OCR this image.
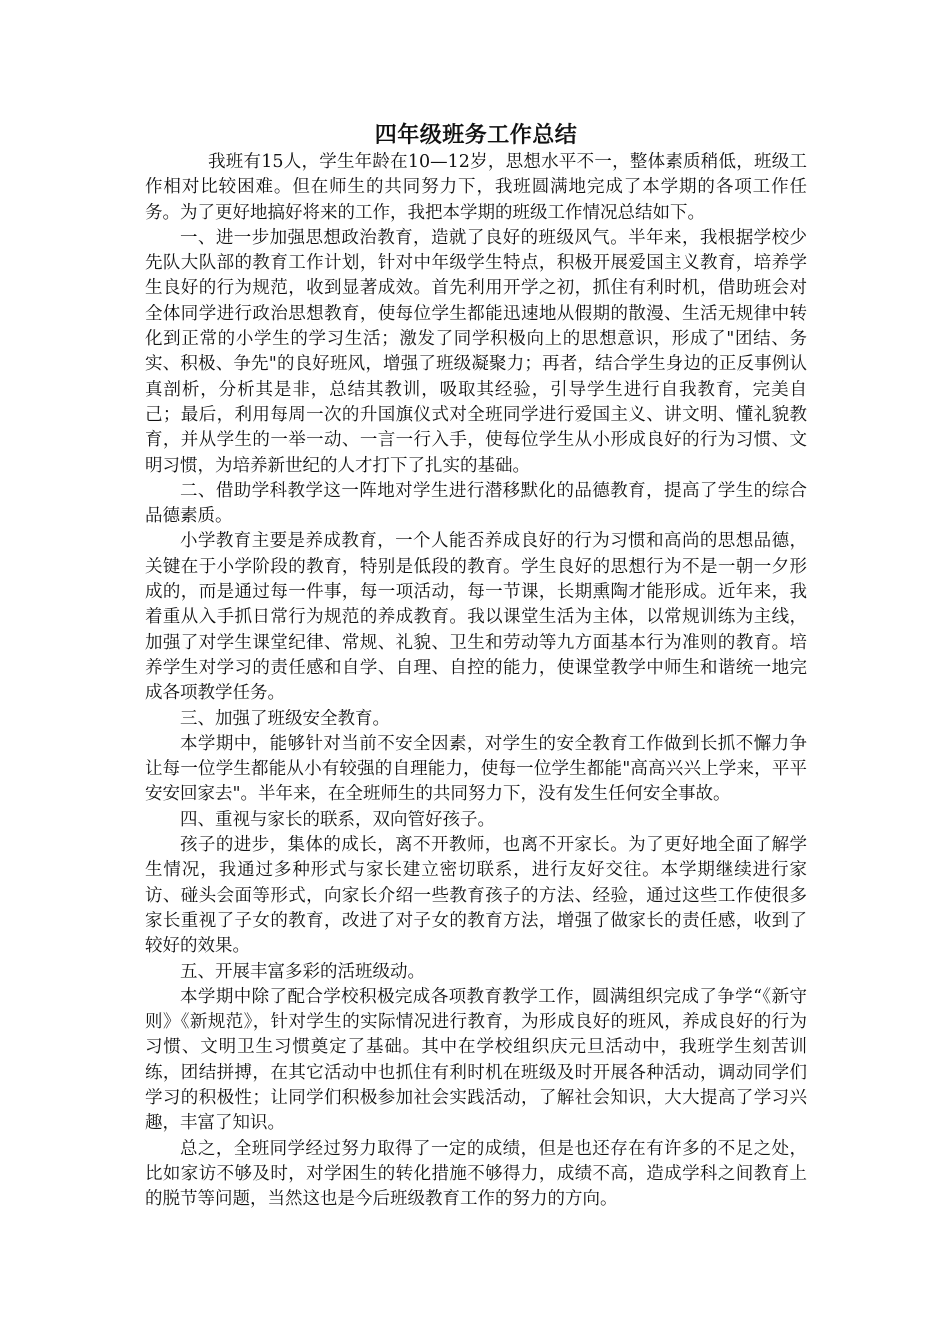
四年级班务工作总结

我班有15人，学生年龄在10—12岁，思想水平不一，整体素质稍低，班级工作相对比较困难。但在师生的共同努力下，我班圆满地完成了本学期的各项工作任务。为了更好地搞好将来的工作，我把本学期的班级工作情况总结如下。

一、进一步加强思想政治教育，造就了良好的班级风气。半年来，我根据学校少先队大队部的教育工作计划，针对中年级学生特点，积极开展爱国主义教育，培养学生良好的行为规范，收到显著成效。首先利用开学之初，抓住有利时机，借助班会对全体同学进行政治思想教育，使每位学生都能迅速地从假期的散漫、生活无规律中转化到正常的小学生的学习生活；激发了同学积极向上的思想意识，形成了"团结、务实、积极、争先"的良好班风，增强了班级凝聚力；再者，结合学生身边的正反事例认真剖析，分析其是非，总结其教训，吸取其经验，引导学生进行自我教育，完美自己；最后，利用每周一次的升国旗仪式对全班同学进行爱国主义、讲文明、懂礼貌教育，并从学生的一举一动、一言一行入手，使每位学生从小形成良好的行为习惯、文明习惯，为培养新世纪的人才打下了扎实的基础。

二、借助学科教学这一阵地对学生进行潜移默化的品德教育，提高了学生的综合品德素质。

小学教育主要是养成教育，一个人能否养成良好的行为习惯和高尚的思想品德，关键在于小学阶段的教育，特别是低段的教育。学生良好的思想行为不是一朝一夕形成的，而是通过每一件事，每一项活动，每一节课，长期熏陶才能形成。近年来，我着重从入手抓日常行为规范的养成教育。我以课堂生活为主体，以常规训练为主线，加强了对学生课堂纪律、常规、礼貌、卫生和劳动等九方面基本行为准则的教育。培养学生对学习的责任感和自学、自理、自控的能力，使课堂教学中师生和谐统一地完成各项教学任务。

三、加强了班级安全教育。

本学期中，能够针对当前不安全因素，对学生的安全教育工作做到长抓不懈力争让每一位学生都能从小有较强的自理能力，使每一位学生都能"高高兴兴上学来，平平安安回家去"。半年来，在全班师生的共同努力下，没有发生任何安全事故。

四、重视与家长的联系，双向管好孩子。

孩子的进步，集体的成长，离不开教师，也离不开家长。为了更好地全面了解学生情况，我通过多种形式与家长建立密切联系，进行友好交往。本学期继续进行家访、碰头会面等形式，向家长介绍一些教育孩子的方法、经验，通过这些工作使很多家长重视了子女的教育，改进了对子女的教育方法，增强了做家长的责任感，收到了较好的效果。

五、开展丰富多彩的活班级动。

本学期中除了配合学校积极完成各项教育教学工作，圆满组织完成了争学“《新守则》《新规范》，针对学生的实际情况进行教育，为形成良好的班风，养成良好的行为习惯、文明卫生习惯奠定了基础。其中在学校组织庆元旦活动中，我班学生刻苦训练，团结拼搏，在其它活动中也抓住有利时机在班级及时开展各种活动，调动同学们学习的积极性；让同学们积极参加社会实践活动，了解社会知识，大大提高了学习兴趣，丰富了知识。

总之，全班同学经过努力取得了一定的成绩，但是也还存在有许多的不足之处，比如家访不够及时，对学困生的转化措施不够得力，成绩不高，造成学科之间教育上的脱节等问题，当然这也是今后班级教育工作的努力的方向。
